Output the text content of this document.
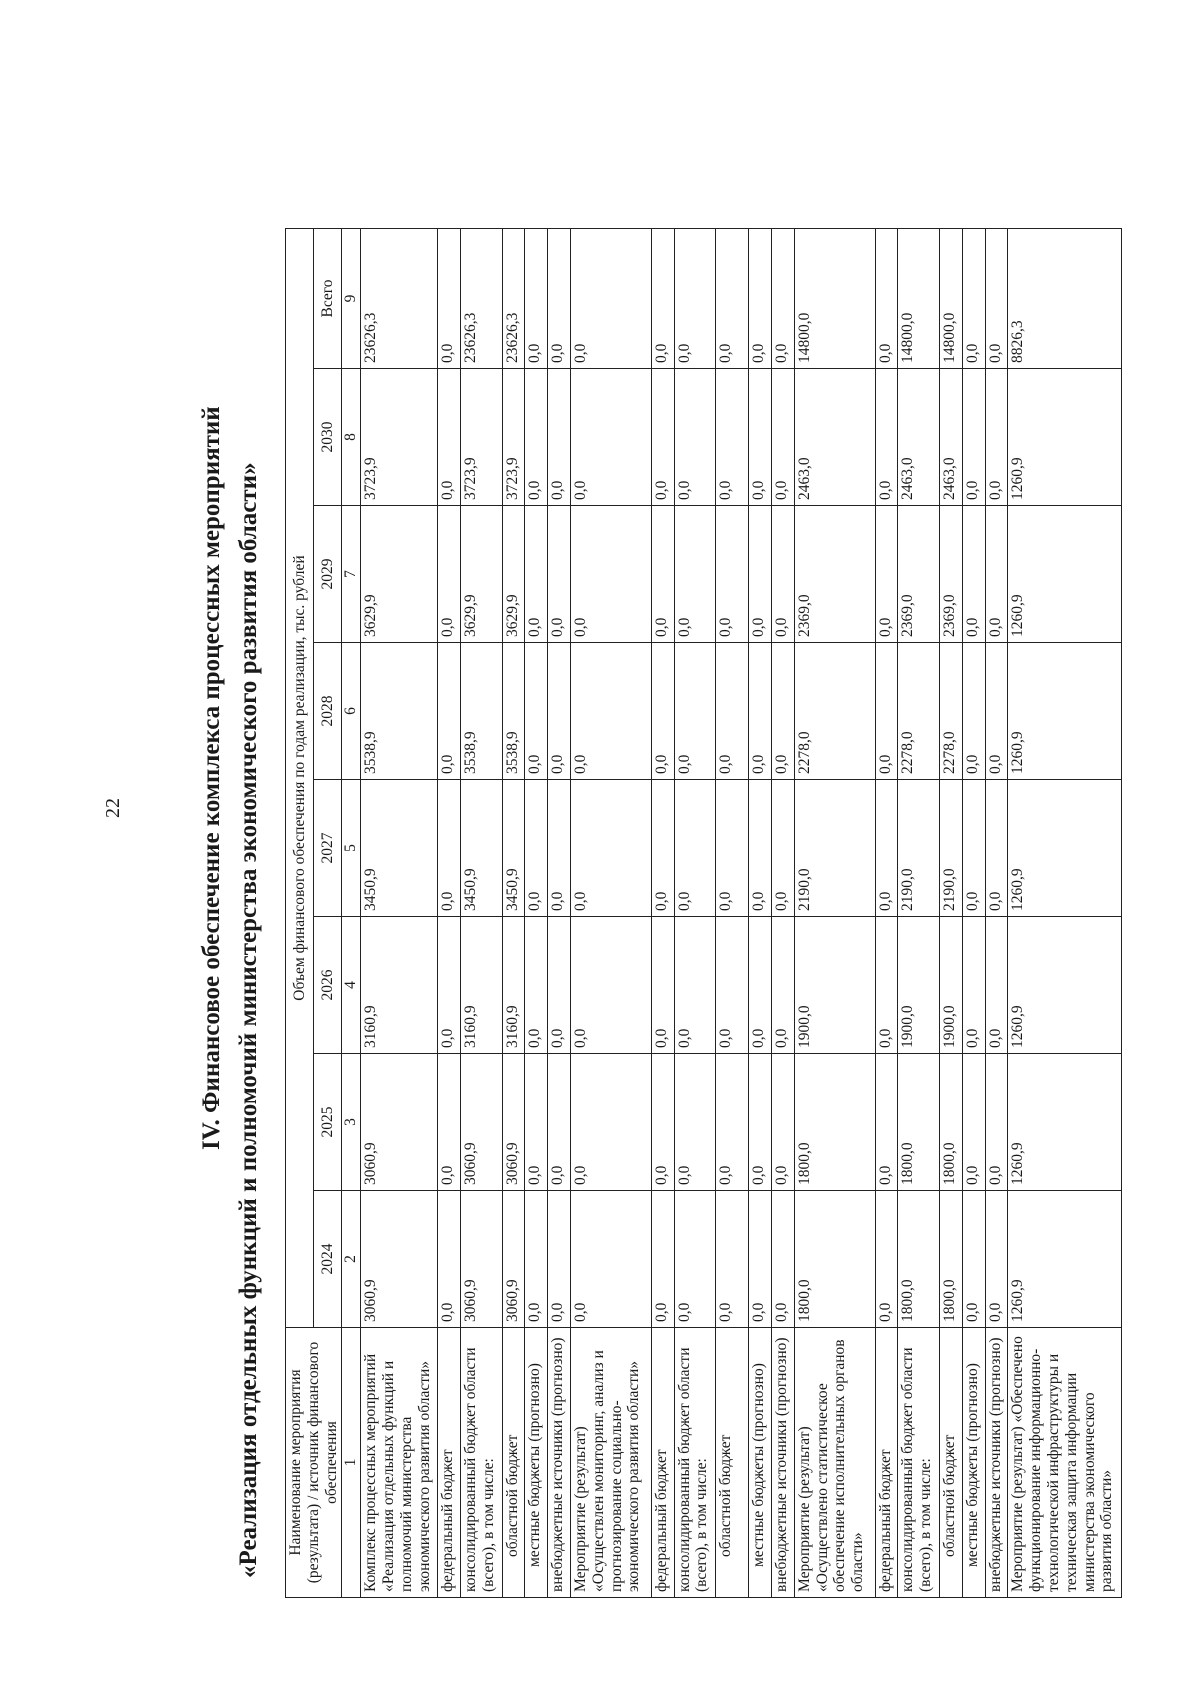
22	IV. Финансовое обеспечение комплекса процессных мероприятий «Реализация отдельных функций и полномочий министерства экономического развития области» Наименование мероприятия (результата) / источник финансового обеспечения	Объем финансового обеспечения по годам реализации, тыс. рублей							
	2024	2025	2026	2027	2028	2029	2030	Всего
1	2	3	4	5	6	7	8	9
Комплекс процессных мероприятий «Реализация отдельных функций и полномочий министерства экономического развития области»	3060,9	3060,9	3160,9	3450,9	3538,9	3629,9	3723,9	23626,3
федеральный бюджет	0,0	0,0	0,0	0,0	0,0	0,0	0,0	0,0
консолидированный бюджет области (всего), в том числе:	3060,9	3060,9	3160,9	3450,9	3538,9	3629,9	3723,9	23626,3
областной бюджет	3060,9	3060,9	3160,9	3450,9	3538,9	3629,9	3723,9	23626,3
местные бюджеты (прогнозно)	0,0	0,0	0,0	0,0	0,0	0,0	0,0	0,0
внебюджетные источники (прогнозно)	0,0	0,0	0,0	0,0	0,0	0,0	0,0	0,0
Мероприятие (результат) «Осуществлен мониторинг, анализ и прогнозирование социально-экономического развития области»	0,0	0,0	0,0	0,0	0,0	0,0	0,0	0,0
федеральный бюджет	0,0	0,0	0,0	0,0	0,0	0,0	0,0	0,0
консолидированный бюджет области (всего), в том числе:	0,0	0,0	0,0	0,0	0,0	0,0	0,0	0,0
областной бюджет	0,0	0,0	0,0	0,0	0,0	0,0	0,0	0,0
местные бюджеты (прогнозно)	0,0	0,0	0,0	0,0	0,0	0,0	0,0	0,0
внебюджетные источники (прогнозно)	0,0	0,0	0,0	0,0	0,0	0,0	0,0	0,0
Мероприятие (результат) «Осуществлено статистическое обеспечение исполнительных органов области»	1800,0	1800,0	1900,0	2190,0	2278,0	2369,0	2463,0	14800,0
федеральный бюджет	0,0	0,0	0,0	0,0	0,0	0,0	0,0	0,0
консолидированный бюджет области (всего), в том числе:	1800,0	1800,0	1900,0	2190,0	2278,0	2369,0	2463,0	14800,0
областной бюджет	1800,0	1800,0	1900,0	2190,0	2278,0	2369,0	2463,0	14800,0
местные бюджеты (прогнозно)	0,0	0,0	0,0	0,0	0,0	0,0	0,0	0,0
внебюджетные источники (прогнозно)	0,0	0,0	0,0	0,0	0,0	0,0	0,0	0,0
Мероприятие (результат) «Обеспечено функционирование информационно-технологической инфраструктуры и техническая защита информации министерства экономического развития области»	1260,9	1260,9	1260,9	1260,9	1260,9	1260,9	1260,9	8826,3
